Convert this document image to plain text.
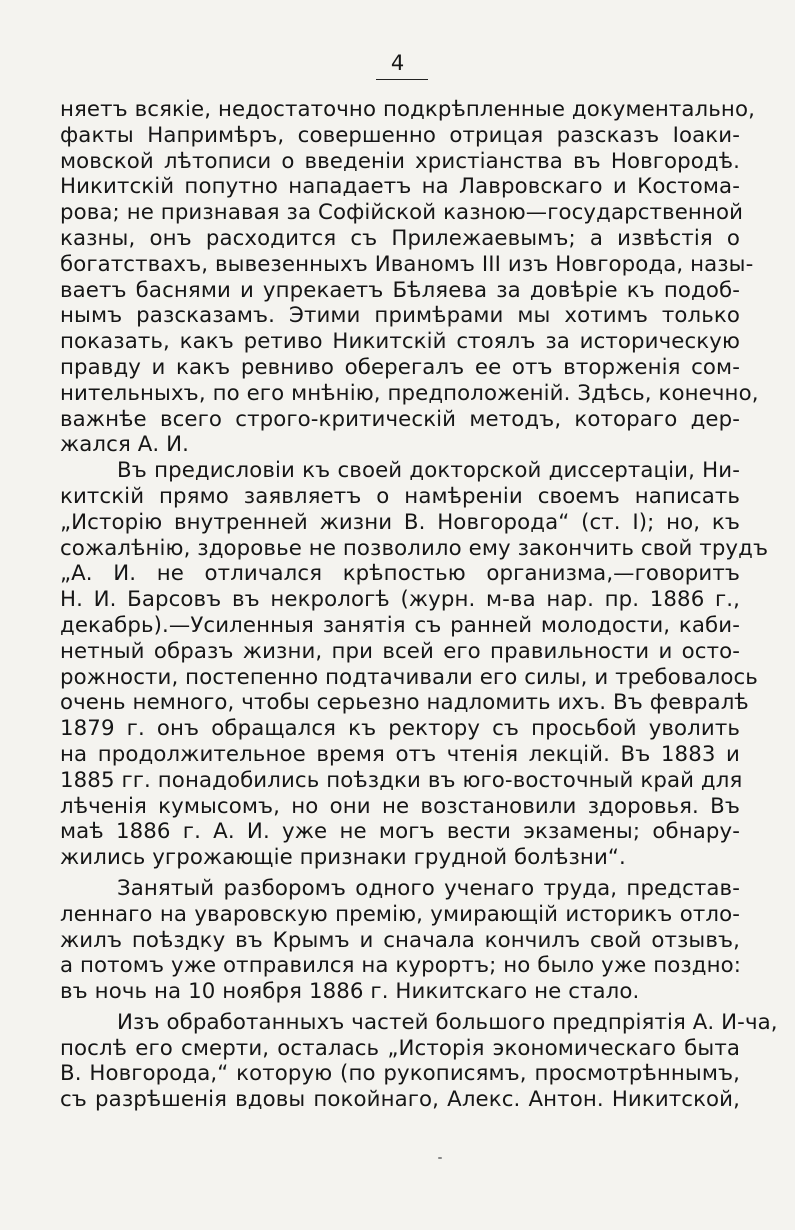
4
няетъ всякіе, недостаточно подкрѣпленные документально,
факты Напримѣръ, совершенно отрицая разсказъ Іоаки-
мовской лѣтописи о введеніи христіанства въ Новгородѣ.
Никитскій попутно нападаетъ на Лавровскаго и Костома-
рова; не признавая за Софійской казною—государственной
казны, онъ расходится съ Прилежаевымъ; а извѣстія о
богатствахъ, вывезенныхъ Иваномъ III изъ Новгорода, назы-
ваетъ баснями и упрекаетъ Бѣляева за довѣріе къ подоб-
нымъ разсказамъ. Этими примѣрами мы хотимъ только
показать, какъ ретиво Никитскій стоялъ за историческую
правду и какъ ревниво оберегалъ ее отъ вторженія сом-
нительныхъ, по его мнѣнію, предположеній. Здѣсь, конечно,
важнѣе всего строго-критическій методъ, котораго дер-
жался А. И.
Въ предисловіи къ своей докторской диссертаціи, Ни-
китскій прямо заявляетъ о намѣреніи своемъ написать
„Исторію внутренней жизни В. Новгорода“ (ст. I); но, къ
сожалѣнію, здоровье не позволило ему закончить свой трудъ
„А. И. не отличался крѣпостью организма,—говоритъ
Н. И. Барсовъ въ некрологѣ (журн. м-ва нар. пр. 1886 г.,
декабрь).—Усиленныя занятія съ ранней молодости, каби-
нетный образъ жизни, при всей его правильности и осто-
рожности, постепенно подтачивали его силы, и требовалось
очень немного, чтобы серьезно надломить ихъ. Въ февралѣ
1879 г. онъ обращался къ ректору съ просьбой уволить
на продолжительное время отъ чтенія лекцій. Въ 1883 и
1885 гг. понадобились поѣздки въ юго-восточный край для
лѣченія кумысомъ, но они не возстановили здоровья. Въ
маѣ 1886 г. А. И. уже не могъ вести экзамены; обнару-
жились угрожающіе признаки грудной болѣзни“.
Занятый разборомъ одного ученаго труда, представ-
леннаго на уваровскую премію, умирающій историкъ отло-
жилъ поѣздку въ Крымъ и сначала кончилъ свой отзывъ,
а потомъ уже отправился на курортъ; но было уже поздно:
въ ночь на 10 ноября 1886 г. Никитскаго не стало.
Изъ обработанныхъ частей большого предпріятія А. И-ча,
послѣ его смерти, осталась „Исторія экономическаго быта
В. Новгорода,“ которую (по рукописямъ, просмотрѣннымъ,
съ разрѣшенія вдовы покойнаго, Алекс. Антон. Никитской,
